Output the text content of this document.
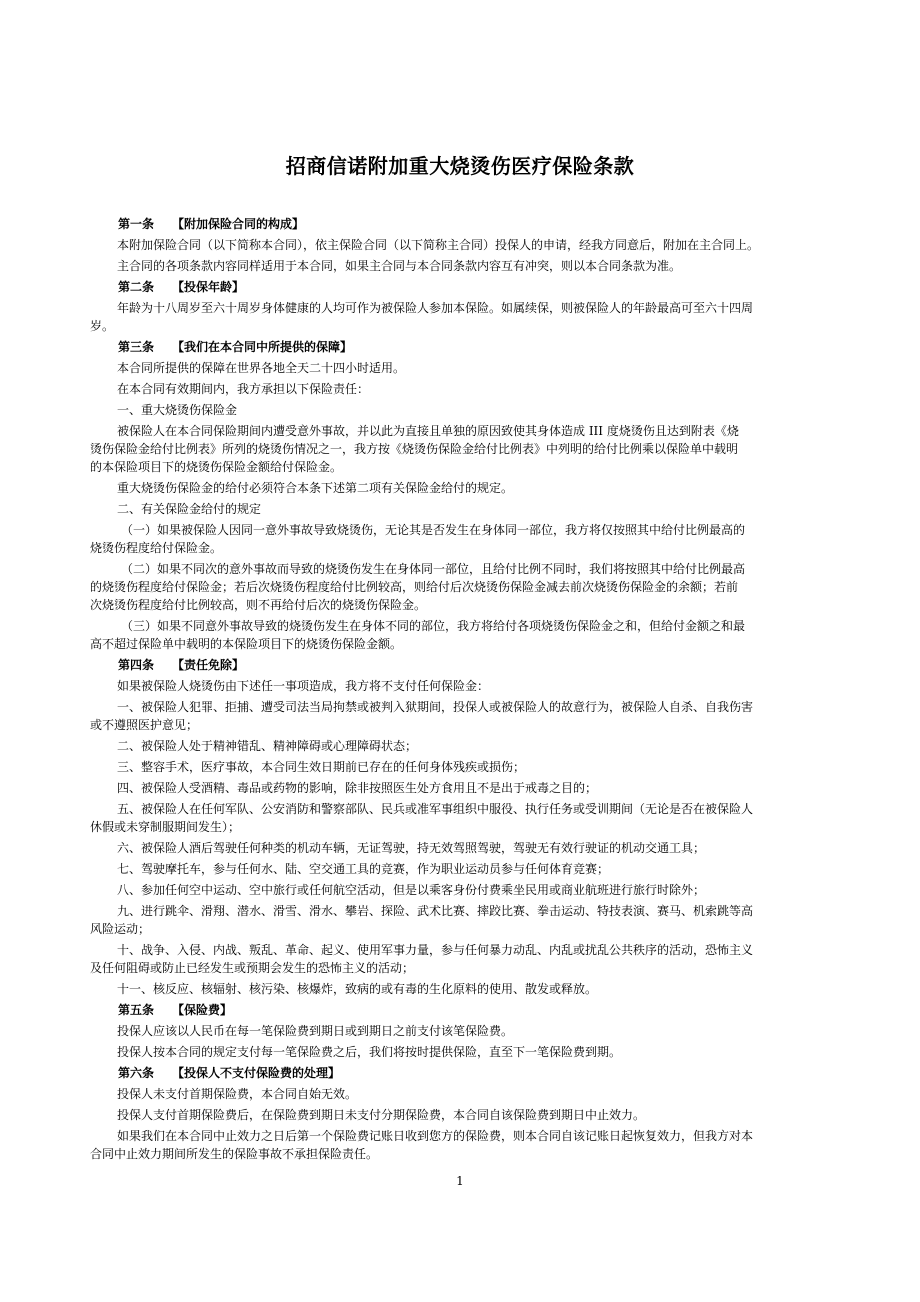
招商信诺附加重大烧烫伤医疗保险条款
第一条 【附加保险合同的构成】
本附加保险合同（以下简称本合同），依主保险合同（以下简称主合同）投保人的申请，经我方同意后，附加在主合同上。
主合同的各项条款内容同样适用于本合同，如果主合同与本合同条款内容互有冲突，则以本合同条款为准。
第二条 【投保年龄】
年龄为十八周岁至六十周岁身体健康的人均可作为被保险人参加本保险。如属续保，则被保险人的年龄最高可至六十四周
岁。
第三条 【我们在本合同中所提供的保障】
本合同所提供的保障在世界各地全天二十四小时适用。
在本合同有效期间内，我方承担以下保险责任：
一、重大烧烫伤保险金
被保险人在本合同保险期间内遭受意外事故，并以此为直接且单独的原因致使其身体造成 III 度烧烫伤且达到附表《烧
烫伤保险金给付比例表》所列的烧烫伤情况之一，我方按《烧烫伤保险金给付比例表》中列明的给付比例乘以保险单中载明
的本保险项目下的烧烫伤保险金额给付保险金。
重大烧烫伤保险金的给付必须符合本条下述第二项有关保险金给付的规定。
二、有关保险金给付的规定
（一）如果被保险人因同一意外事故导致烧烫伤，无论其是否发生在身体同一部位，我方将仅按照其中给付比例最高的
烧烫伤程度给付保险金。
（二）如果不同次的意外事故而导致的烧烫伤发生在身体同一部位，且给付比例不同时，我们将按照其中给付比例最高
的烧烫伤程度给付保险金；若后次烧烫伤程度给付比例较高，则给付后次烧烫伤保险金减去前次烧烫伤保险金的余额；若前
次烧烫伤程度给付比例较高，则不再给付后次的烧烫伤保险金。
（三）如果不同意外事故导致的烧烫伤发生在身体不同的部位，我方将给付各项烧烫伤保险金之和，但给付金额之和最
高不超过保险单中载明的本保险项目下的烧烫伤保险金额。
第四条 【责任免除】
如果被保险人烧烫伤由下述任一事项造成，我方将不支付任何保险金：
一、被保险人犯罪、拒捕、遭受司法当局拘禁或被判入狱期间，投保人或被保险人的故意行为，被保险人自杀、自我伤害
或不遵照医护意见；
二、被保险人处于精神错乱、精神障碍或心理障碍状态；
三、整容手术，医疗事故，本合同生效日期前已存在的任何身体残疾或损伤；
四、被保险人受酒精、毒品或药物的影响，除非按照医生处方食用且不是出于戒毒之目的；
五、被保险人在任何军队、公安消防和警察部队、民兵或准军事组织中服役、执行任务或受训期间（无论是否在被保险人
休假或未穿制服期间发生）；
六、被保险人酒后驾驶任何种类的机动车辆，无证驾驶，持无效驾照驾驶，驾驶无有效行驶证的机动交通工具；
七、驾驶摩托车，参与任何水、陆、空交通工具的竞赛，作为职业运动员参与任何体育竞赛；
八、参加任何空中运动、空中旅行或任何航空活动，但是以乘客身份付费乘坐民用或商业航班进行旅行时除外；
九、进行跳伞、滑翔、潜水、滑雪、滑水、攀岩、探险、武术比赛、摔跤比赛、拳击运动、特技表演、赛马、机索跳等高
风险运动；
十、战争、入侵、内战、叛乱、革命、起义、使用军事力量，参与任何暴力动乱、内乱或扰乱公共秩序的活动，恐怖主义
及任何阻碍或防止已经发生或预期会发生的恐怖主义的活动；
十一、核反应、核辐射、核污染、核爆炸，致病的或有毒的生化原料的使用、散发或释放。
第五条 【保险费】
投保人应该以人民币在每一笔保险费到期日或到期日之前支付该笔保险费。
投保人按本合同的规定支付每一笔保险费之后，我们将按时提供保险，直至下一笔保险费到期。
第六条 【投保人不支付保险费的处理】
投保人未支付首期保险费，本合同自始无效。
投保人支付首期保险费后，在保险费到期日未支付分期保险费，本合同自该保险费到期日中止效力。
如果我们在本合同中止效力之日后第一个保险费记账日收到您方的保险费，则本合同自该记账日起恢复效力，但我方对本
合同中止效力期间所发生的保险事故不承担保险责任。
1
